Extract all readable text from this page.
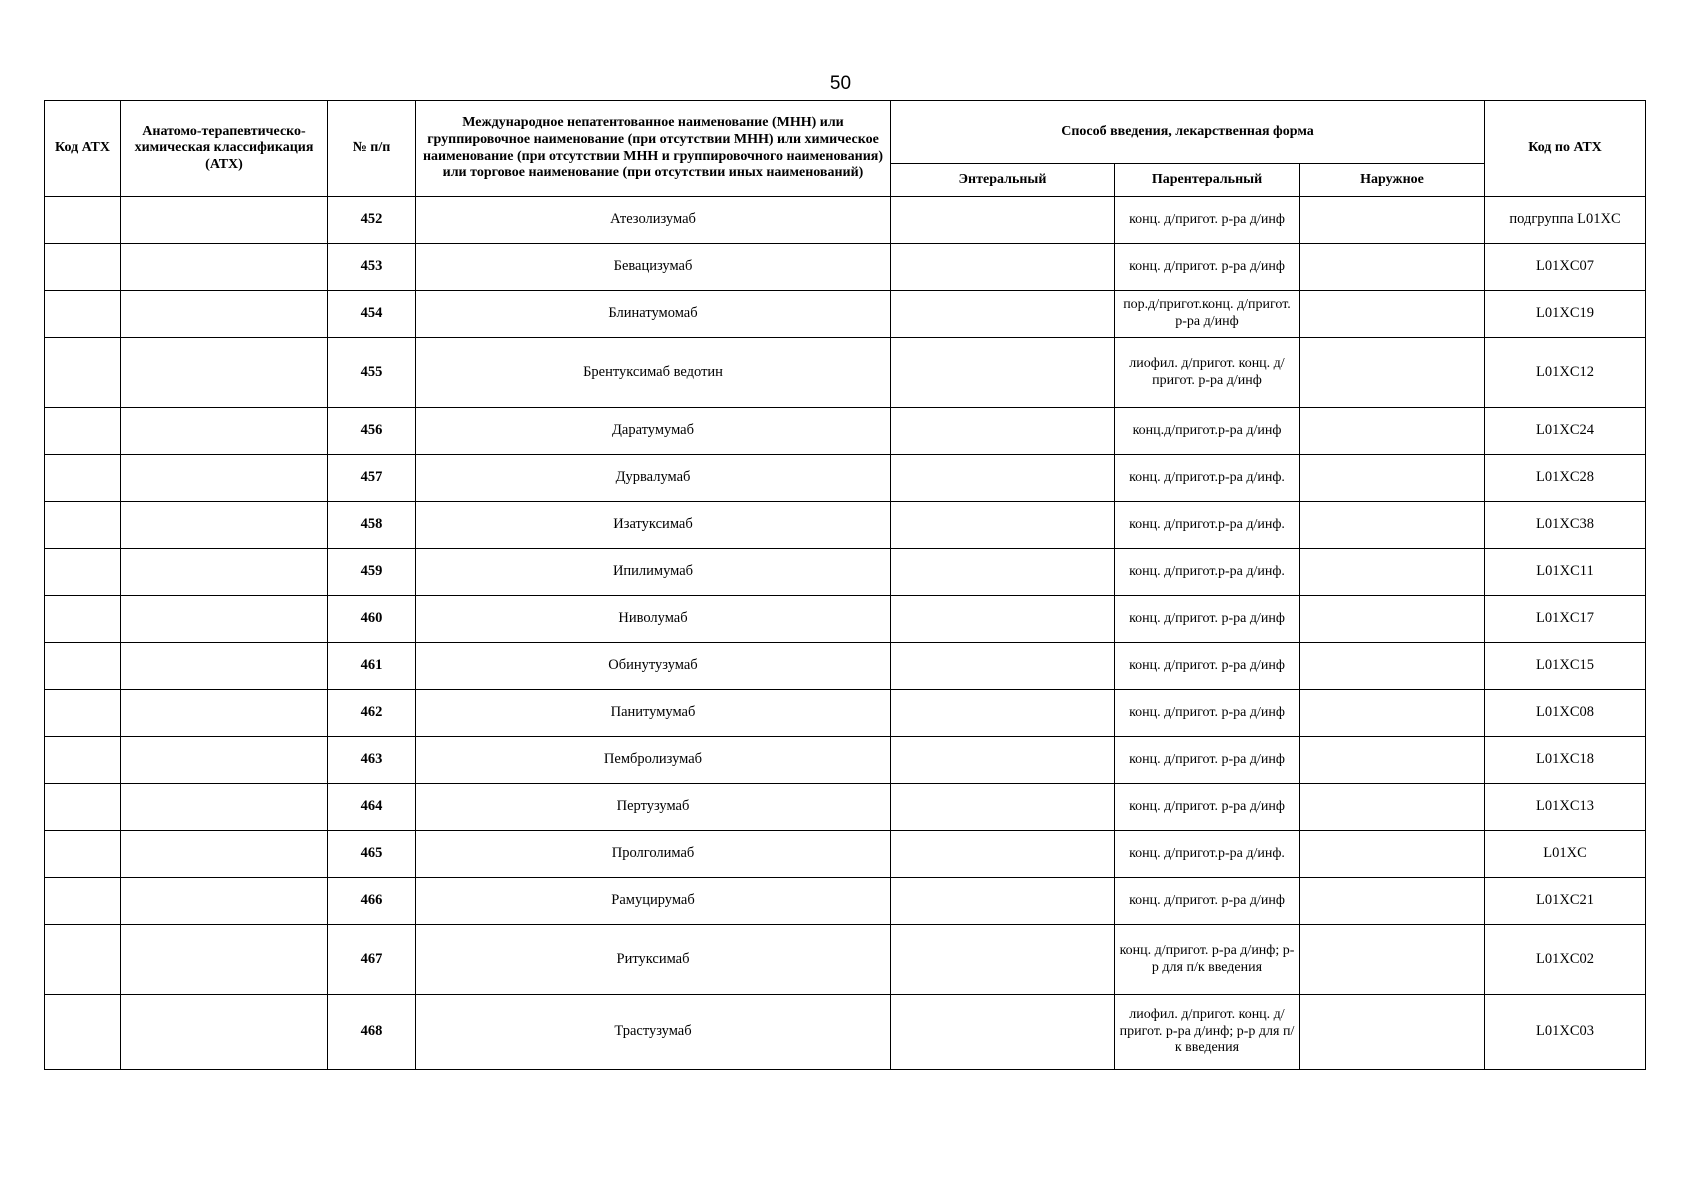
50
Код АТХ	Анатомо-терапевтическо-химическая классификация (АТХ)	№ п/п	Международное непатентованное наименование (МНН) или группировочное наименование (при отсутствии МНН) или химическое наименование (при отсутствии МНН и группировочного наименования) или торговое наименование (при отсутствии иных наименований)	Способ введения, лекарственная форма			Код по АТХ
				Энтеральный	Парентеральный	Наружное	
		452	Атезолизумаб		конц. д/пригот. р-ра д/инф		подгруппа L01XC
		453	Бевацизумаб		конц. д/пригот. р-ра д/инф		L01XC07
		454	Блинатумомаб		пор.д/пригот.конц. д/пригот. р-ра д/инф		L01XC19
		455	Брентуксимаб ведотин		лиофил. д/пригот. конц. д/пригот. р-ра д/инф		L01XC12
		456	Даратумумаб		конц.д/пригот.р-ра д/инф		L01XC24
		457	Дурвалумаб		конц. д/пригот.р-ра д/инф.		L01XC28
		458	Изатуксимаб		конц. д/пригот.р-ра д/инф.		L01XC38
		459	Ипилимумаб		конц. д/пригот.р-ра д/инф.		L01XC11
		460	Ниволумаб		конц. д/пригот. р-ра д/инф		L01XC17
		461	Обинутузумаб		конц. д/пригот. р-ра д/инф		L01XC15
		462	Панитумумаб		конц. д/пригот. р-ра д/инф		L01XC08
		463	Пембролизумаб		конц. д/пригот. р-ра д/инф		L01XC18
		464	Пертузумаб		конц. д/пригот. р-ра д/инф		L01XC13
		465	Пролголимаб		конц. д/пригот.р-ра д/инф.		L01XC
		466	Рамуцирумаб		конц. д/пригот. р-ра д/инф		L01XC21
		467	Ритуксимаб		конц. д/пригот. р-ра д/инф; р-р для п/к введения		L01XC02
		468	Трастузумаб		лиофил. д/пригот. конц. д/пригот. р-ра д/инф; р-р для п/к введения		L01XC03
